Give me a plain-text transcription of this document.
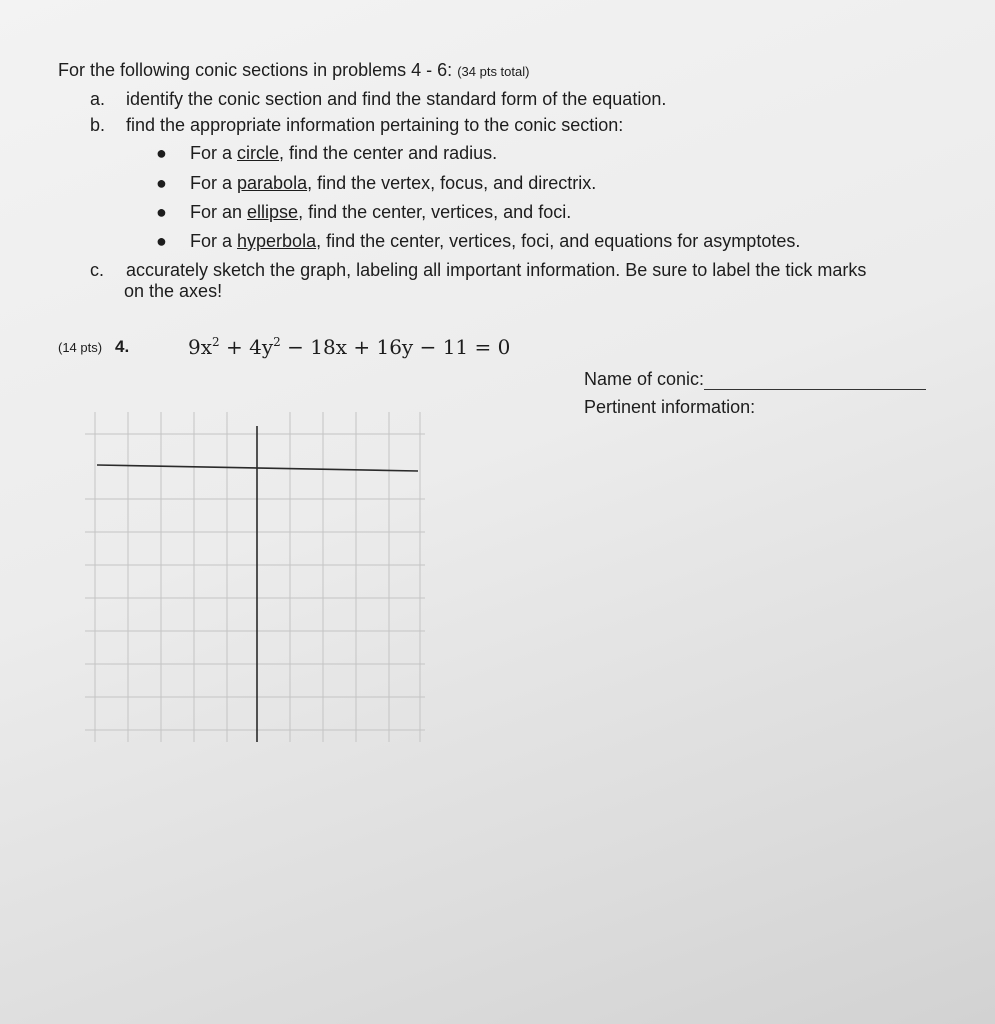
For the following conic sections in problems 4 - 6: (34 pts total)
a. identify the conic section and find the standard form of the equation.
b. find the appropriate information pertaining to the conic section:
● For a circle, find the center and radius.
● For a parabola, find the vertex, focus, and directrix.
● For an ellipse, find the center, vertices, and foci.
● For a hyperbola, find the center, vertices, foci, and equations for asymptotes.
c. accurately sketch the graph, labeling all important information. Be sure to label the tick marks
on the axes!
(14 pts) 4.	$9x^2 + 4y^2 - 18x + 16y - 11 = 0$
Name of conic:
Pertinent information:
